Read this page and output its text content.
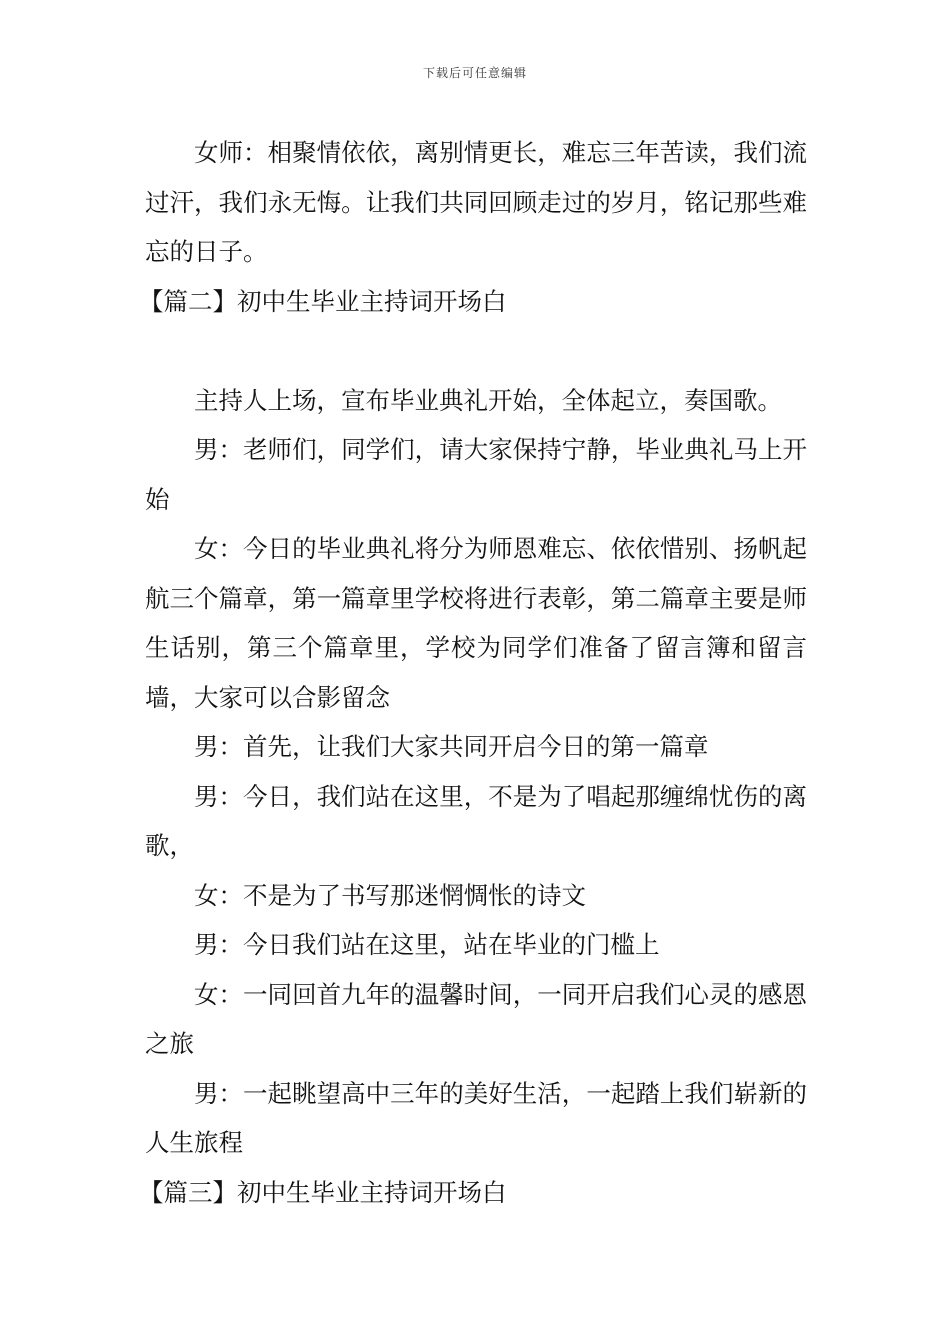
下载后可任意编辑

女师：相聚情依依，离别情更长，难忘三年苦读，我们流过汗，我们永无悔。让我们共同回顾走过的岁月，铭记那些难忘的日子。

【篇二】初中生毕业主持词开场白

主持人上场，宣布毕业典礼开始，全体起立，奏国歌。

男：老师们，同学们，请大家保持宁静，毕业典礼马上开始

女：今日的毕业典礼将分为师恩难忘、依依惜别、扬帆起航三个篇章，第一篇章里学校将进行表彰，第二篇章主要是师生话别，第三个篇章里，学校为同学们准备了留言簿和留言墙，大家可以合影留念

男：首先，让我们大家共同开启今日的第一篇章

男：今日，我们站在这里，不是为了唱起那缠绵忧伤的离歌，

女：不是为了书写那迷惘惆怅的诗文

男：今日我们站在这里，站在毕业的门槛上

女：一同回首九年的温馨时间，一同开启我们心灵的感恩之旅

男：一起眺望高中三年的美好生活，一起踏上我们崭新的人生旅程

【篇三】初中生毕业主持词开场白
